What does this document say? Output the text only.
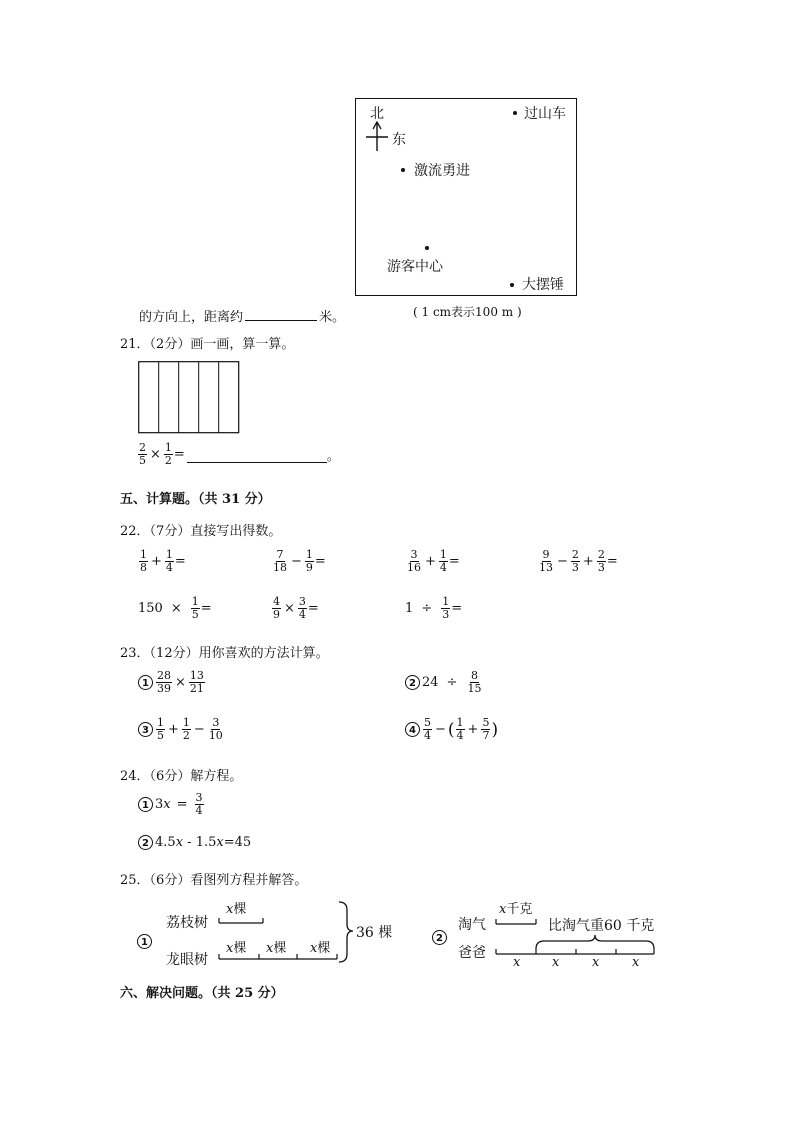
北
东
过山车
激流勇进
游客中心
大摆锤
( 1 cm表示100 m )
的方向上，距离约	米。
21．（2分）画一画，算一算。
$\frac{2}{5} \times \frac{1}{2}$ =	。
五、计算题。（共 31 分）
22．（7分）直接写出得数。
$\frac{1}{8} + \frac{1}{4}$ =	$\frac{7}{18} - \frac{1}{9}$ =	$\frac{3}{16} + \frac{1}{4}$ =	$\frac{9}{13} - \frac{2}{3} + \frac{2}{3}$ =
$150 \times \frac{1}{5}$ =	$\frac{4}{9} \times \frac{3}{4}$ =	$1 \div \frac{1}{3}$ =
23．（12分）用你喜欢的方法计算。
$1 \frac{28}{39} \times \frac{13}{21}$	2 $24 \div \frac{8}{15}$
$3 \frac{1}{5} + \frac{1}{2} - \frac{3}{10}$	$4 \frac{5}{4}$ − ( $\frac{1}{4} + \frac{5}{7}$ )
24．（6分）解方程。
1 3 $x = \frac{3}{4}$
2 4.5 x - 1.5 x =45
25．（6分）看图列方程并解答。
1
荔枝树
龙眼树
x棵
x棵 x棵 x棵
36 棵	2
淘气
爸爸
x千克
比淘气重60 千克
x x	x	x
六、解决问题。（共 25 分）
